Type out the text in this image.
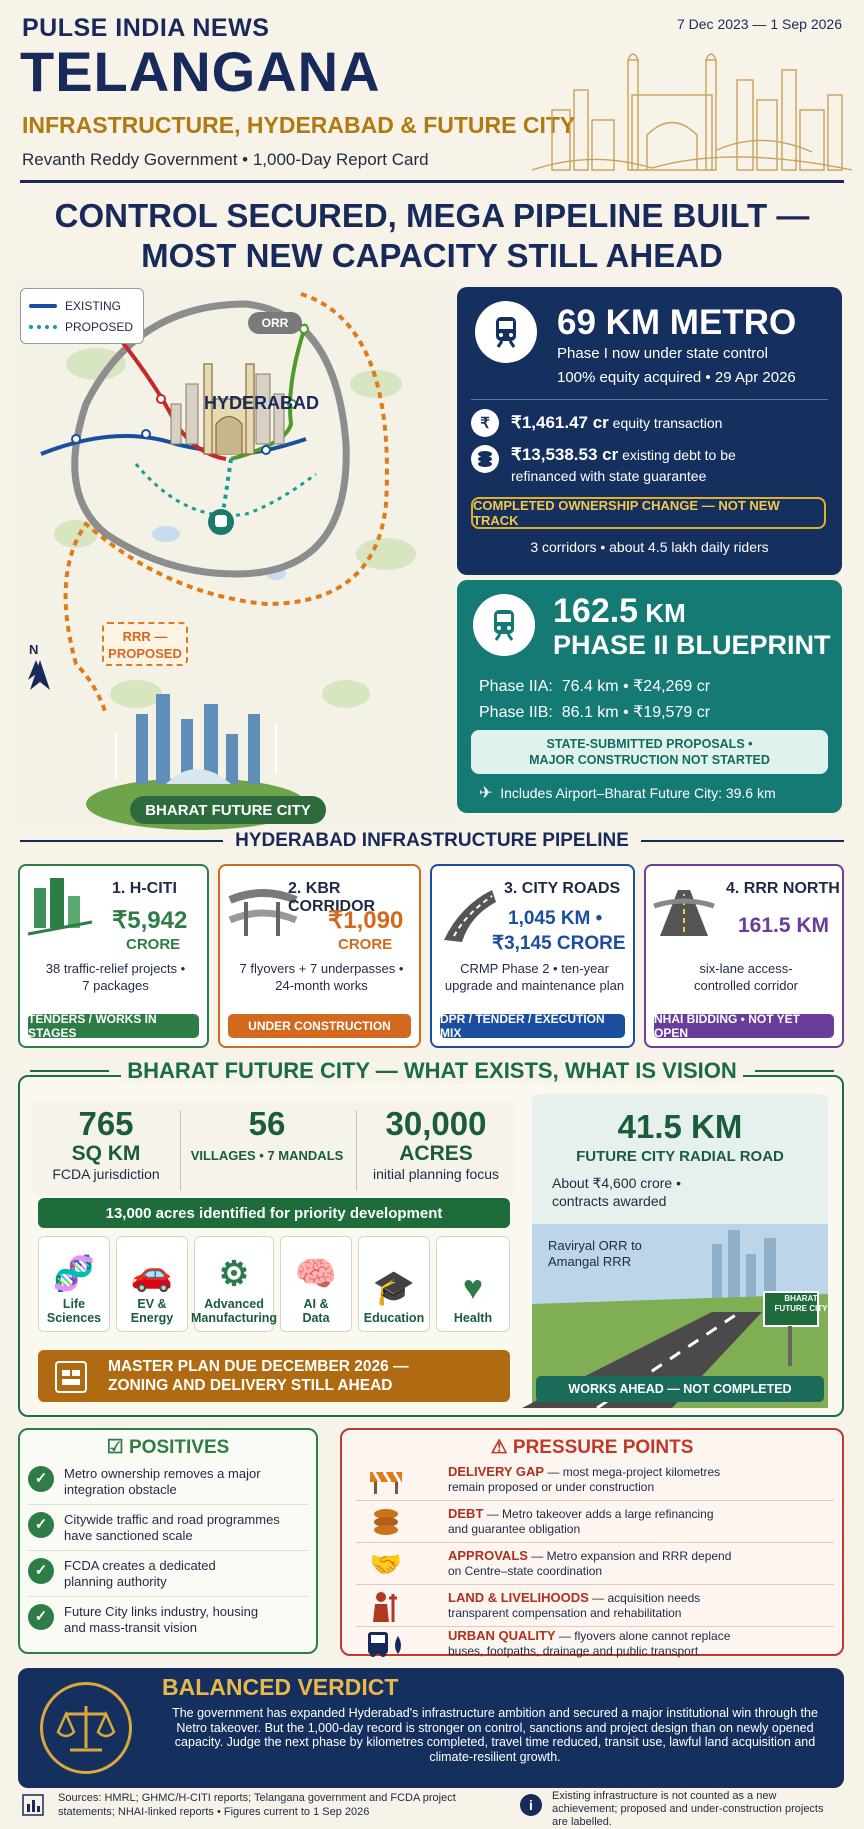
PULSE INDIA NEWS	7 Dec 2023 — 1 Sep 2026
TELANGANA
INFRASTRUCTURE, HYDERABAD & FUTURE CITY
Revanth Reddy Government • 1,000-Day Report Card
CONTROL SECURED, MEGA PIPELINE BUILT —
MOST NEW CAPACITY STILL AHEAD
EXISTING
PROPOSED	ORR
HYDERABAD
RRR —
PROPOSED
N
BHARAT FUTURE CITY
69 KM METRO
Phase I now under state control
100% equity acquired • 29 Apr 2026
₹	₹1,461.47 cr equity transaction
₹13,538.53 cr existing debt to be
refinanced with state guarantee
COMPLETED OWNERSHIP CHANGE — NOT NEW TRACK
3 corridors • about 4.5 lakh daily riders
162.5 KM
PHASE II BLUEPRINT
Phase IIA: 76.4 km • ₹24,269 cr
Phase IIB: 86.1 km • ₹19,579 cr
STATE-SUBMITTED PROPOSALS •
MAJOR CONSTRUCTION NOT STARTED
✈ Includes Airport–Bharat Future City: 39.6 km
HYDERABAD INFRASTRUCTURE PIPELINE
1. H-CITI
₹5,942
CRORE
38 traffic-relief projects •
7 packages
TENDERS / WORKS IN STAGES
2. KBR CORRIDOR
₹1,090
CRORE
7 flyovers + 7 underpasses •
24-month works
UNDER CONSTRUCTION
3. CITY ROADS
1,045 KM •
₹3,145 CRORE
CRMP Phase 2 • ten-year
upgrade and maintenance plan
DPR / TENDER / EXECUTION MIX
4. RRR NORTH
161.5 KM
six-lane access-
controlled corridor
NHAI BIDDING • NOT YET OPEN
BHARAT FUTURE CITY — WHAT EXISTS, WHAT IS VISION
765
SQ KM
FCDA jurisdiction
56
VILLAGES • 7 MANDALS
30,000
ACRES
initial planning focus
13,000 acres identified for priority development
🧬
Life
Sciences
🚗
EV &
Energy
⚙
Advanced
Manufacturing
🧠
AI &
Data
🎓
Education
♥
Health
MASTER PLAN DUE DECEMBER 2026 —
ZONING AND DELIVERY STILL AHEAD
BHARAT
FUTURE CITY
41.5 KM
FUTURE CITY RADIAL ROAD
About ₹4,600 crore •
contracts awarded
Raviryal ORR to
Amangal RRR
WORKS AHEAD — NOT COMPLETED
☑ POSITIVES
✓	Metro ownership removes a major
integration obstacle
✓	Citywide traffic and road programmes
have sanctioned scale
✓	FCDA creates a dedicated
planning authority
✓	Future City links industry, housing
and mass-transit vision
⚠ PRESSURE POINTS
DELIVERY GAP — most mega-project kilometres
remain proposed or under construction
DEBT — Metro takeover adds a large refinancing
and guarantee obligation
🤝	APPROVALS — Metro expansion and RRR depend
on Centre–state coordination
LAND & LIVELIHOODS — acquisition needs
transparent compensation and rehabilitation
URBAN QUALITY — flyovers alone cannot replace
buses, footpaths, drainage and public transport
BALANCED VERDICT
The government has expanded Hyderabad's infrastructure ambition and secured a major institutional win through the Netro takeover. But the 1,000-day record is stronger on control, sanctions and project design than on newly opened capacity. Judge the next phase by kilometres completed, travel time reduced, transit use, lawful land acquisition and climate-resilient growth.
Sources: HMRL; GHMC/H-CITI reports; Telangana government and FCDA project statements; NHAI-linked reports • Figures current to 1 Sep 2026	i
Existing infrastructure is not counted as a new achievement; proposed and under-construction projects are labelled.
